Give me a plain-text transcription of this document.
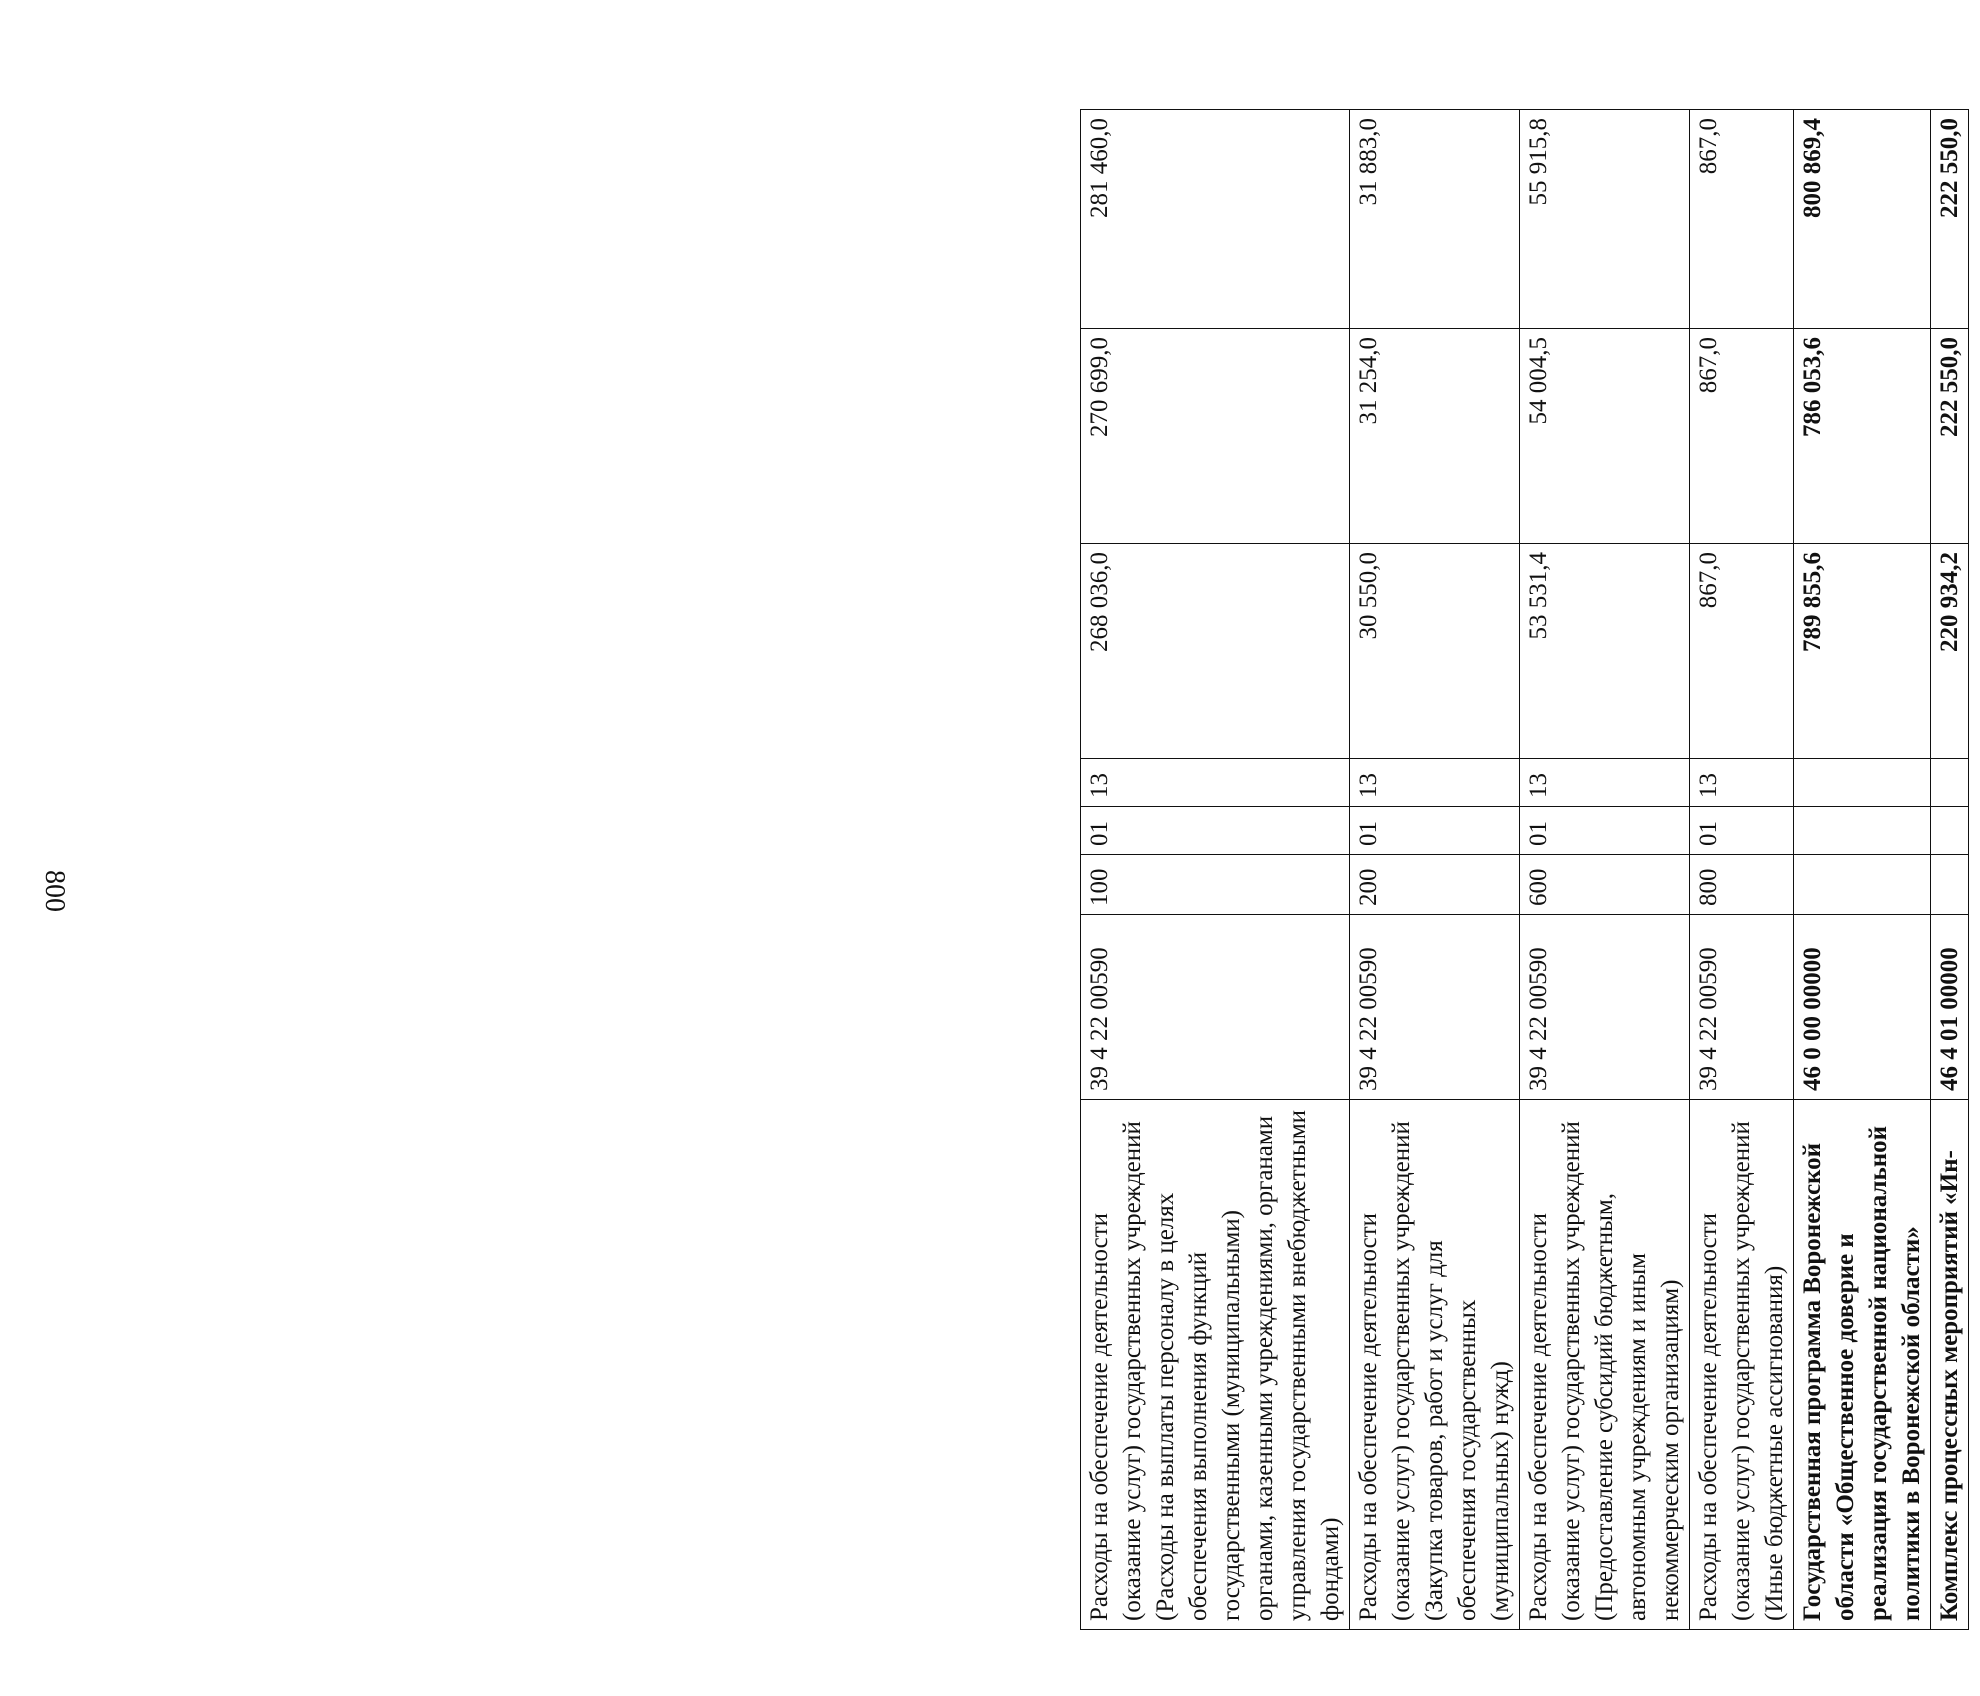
800
Расходы на обеспечение деятельности (оказание услуг) государственных учреждений (Расходы на выплаты персоналу в целях обеспечения выполнения функций государственными (муниципальными) органами, казенными учреждениями, органами управления государственными внебюджетными фондами)	39 4 22 00590	100	01	13	268 036,0	270 699,0	281 460,0
Расходы на обеспечение деятельности (оказание услуг) государственных учреждений (Закупка товаров, работ и услуг для обеспечения государственных (муниципальных) нужд)	39 4 22 00590	200	01	13	30 550,0	31 254,0	31 883,0
Расходы на обеспечение деятельности (оказание услуг) государственных учреждений (Предоставление субсидий бюджетным, автономным учреждениям и иным некоммерческим организациям)	39 4 22 00590	600	01	13	53 531,4	54 004,5	55 915,8
Расходы на обеспечение деятельности (оказание услуг) государственных учреждений (Иные бюджетные ассигнования)	39 4 22 00590	800	01	13	867,0	867,0	867,0
Государственная программа Воронежской области «Общественное доверие и реализация государственной национальной политики в Воронежской области»	46 0 00 00000				789 855,6	786 053,6	800 869,4
Комплекс процессных мероприятий «Ин-	46 4 01 00000				220 934,2	222 550,0	222 550,0
